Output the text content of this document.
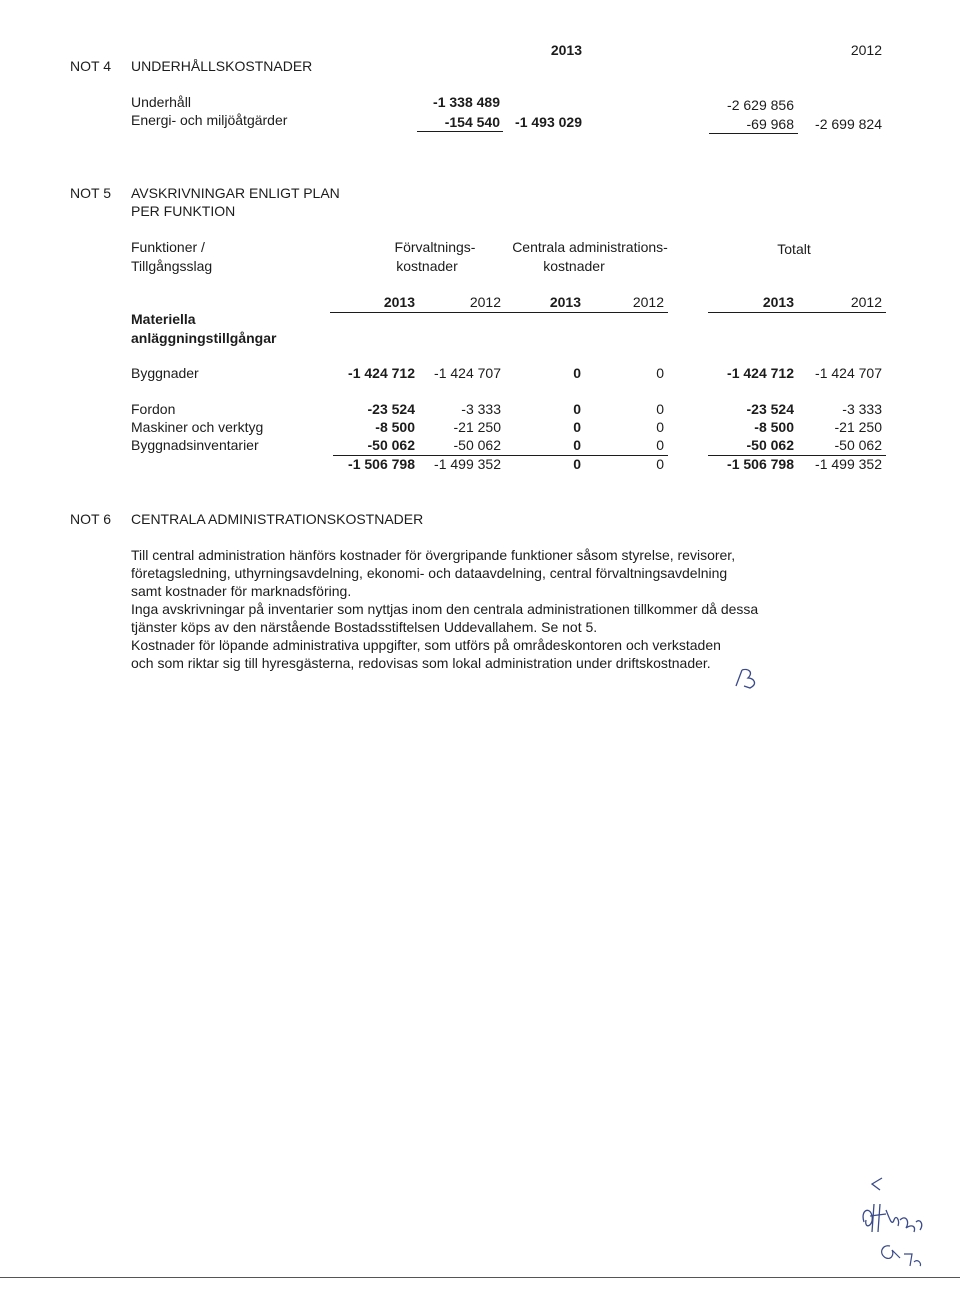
NOT 4 UNDERHÅLLSKOSTNADER
2013	2012
Underhåll	-1 338 489	-2 629 856
Energi- och miljöåtgärder	-154 540	-69 968
-1 493 029	-2 699 824
NOT 5 AVSKRIVNINGAR ENLIGT PLAN
PER FUNKTION
Funktioner /
Tillgångsslag
Förvaltnings-
kostnader
Centrala administrations-
kostnader
Totalt
2013	2012	2013	2012	2013	2012
Materiella
anläggningstillgångar
Byggnader	-1 424 712	-1 424 707	0	0	-1 424 712	-1 424 707
Fordon	-23 524	-3 333	0	0	-23 524	-3 333
Maskiner och verktyg	-8 500	-21 250	0	0	-8 500	-21 250
Byggnadsinventarier	-50 062	-50 062	0	0	-50 062	-50 062
-1 506 798	-1 499 352	0	0	-1 506 798	-1 499 352
NOT 6 CENTRALA ADMINISTRATIONSKOSTNADER

Till central administration hänförs kostnader för övergripande funktioner såsom styrelse, revisorer,

företagsledning, uthyrningsavdelning, ekonomi- och dataavdelning, central förvaltningsavdelning

samt kostnader för marknadsföring.

Inga avskrivningar på inventarier som nyttjas inom den centrala administrationen tillkommer då dessa

tjänster köps av den närstående Bostadsstiftelsen Uddevallahem. Se not 5.

Kostnader för löpande administrativa uppgifter, som utförs på områdeskontoren och verkstaden

och som riktar sig till hyresgästerna, redovisas som lokal administration under driftskostnader.
